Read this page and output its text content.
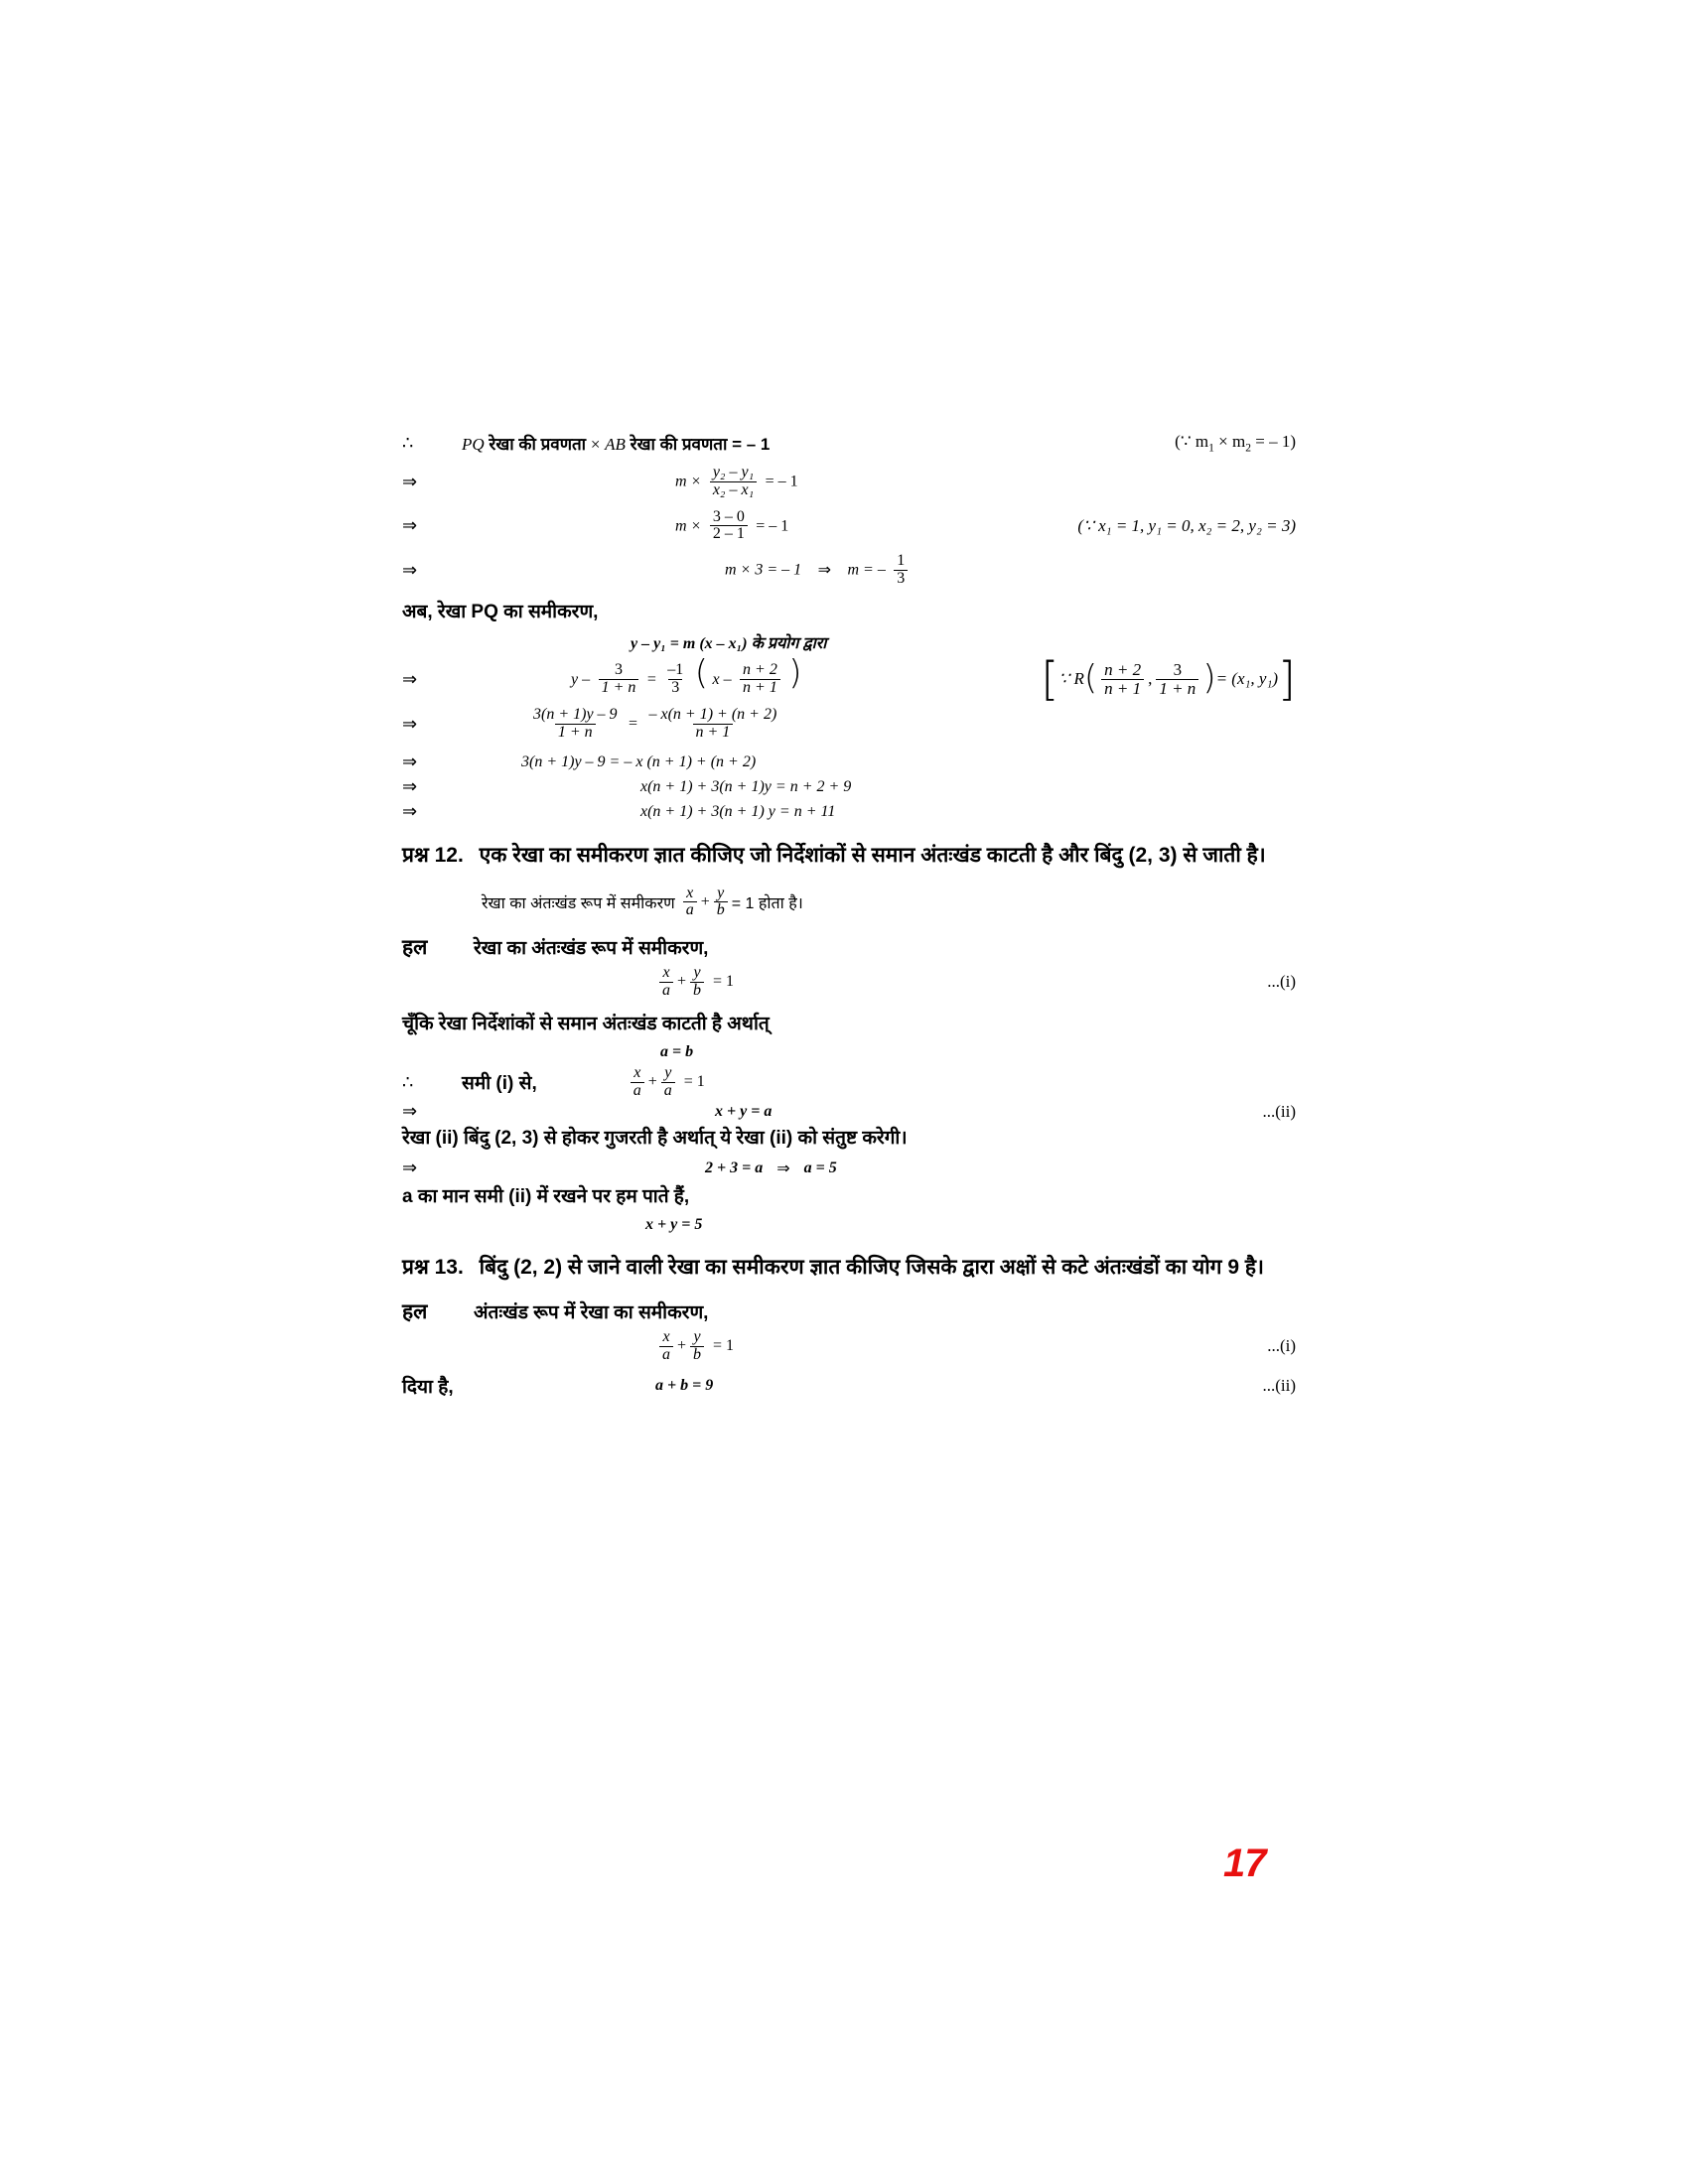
∴	PQ रेखा की प्रवणता × AB रेखा की प्रवणता = – 1	(∵ $m_1 \times m_2$ = – 1)
⇒	$m \times \frac{\text{y₂ – y₁}}{\text{x₂ – x₁}}$ = – 1
⇒	$m \times \frac{3 - 0}{2 - 1}$ = – 1	(∵ x₁ = 1, y₁ = 0, x₂ = 2, y₂ = 3)
⇒	m × 3 = – 1 ⇒ m = – $\frac{1}{3}$
अब, रेखा PQ का समीकरण,
y – y₁ = m (x – x₁) के प्रयोग द्वारा
⇒	$y - \frac{3}{1 + n} = \frac{-1}{3}$ ( x – $\frac{n + 2}{n + 1}$ )	[ ∵ R ( $\frac{n + 2}{n + 1}$ , $\frac{3}{1 + n}$ ) = (x₁, y₁) ]
⇒	$\frac{3(n + 1)y - 9}{1 + n} = \frac{- x(n + 1) + (n + 2)}{n + 1}$
⇒	3(n + 1)y – 9 = – x (n + 1) + (n + 2)
⇒	x(n + 1) + 3(n + 1)y = n + 2 + 9
⇒	x(n + 1) + 3(n + 1) y = n + 11
प्रश्न 12. एक रेखा का समीकरण ज्ञात कीजिए जो निर्देशांकों से समान अंतःखंड काटती है और बिंदु (2, 3) से जाती है।
रेखा का अंतःखंड रूप में समीकरण $\frac{x}{a} + \frac{y}{b} = 1$ होता है।
हल	रेखा का अंतःखंड रूप में समीकरण,
$\frac{x}{a} + \frac{y}{b} = 1$	...(i)
चूँकि रेखा निर्देशांकों से समान अंतःखंड काटती है अर्थात्
a = b
∴	समी (i) से,	$\frac{x}{a} + \frac{y}{a} = 1$
⇒	x + y = a	...(ii)
रेखा (ii) बिंदु (2, 3) से होकर गुजरती है अर्थात् ये रेखा (ii) को संतुष्ट करेगी।
⇒	2 + 3 = a ⇒ a = 5
a का मान समी (ii) में रखने पर हम पाते हैं,
x + y = 5
प्रश्न 13. बिंदु (2, 2) से जाने वाली रेखा का समीकरण ज्ञात कीजिए जिसके द्वारा अक्षों से कटे अंतःखंडों का योग 9 है।
हल	अंतःखंड रूप में रेखा का समीकरण,
$\frac{x}{a} + \frac{y}{b} = 1$	...(i)
दिया है,	a + b = 9	...(ii)
17
